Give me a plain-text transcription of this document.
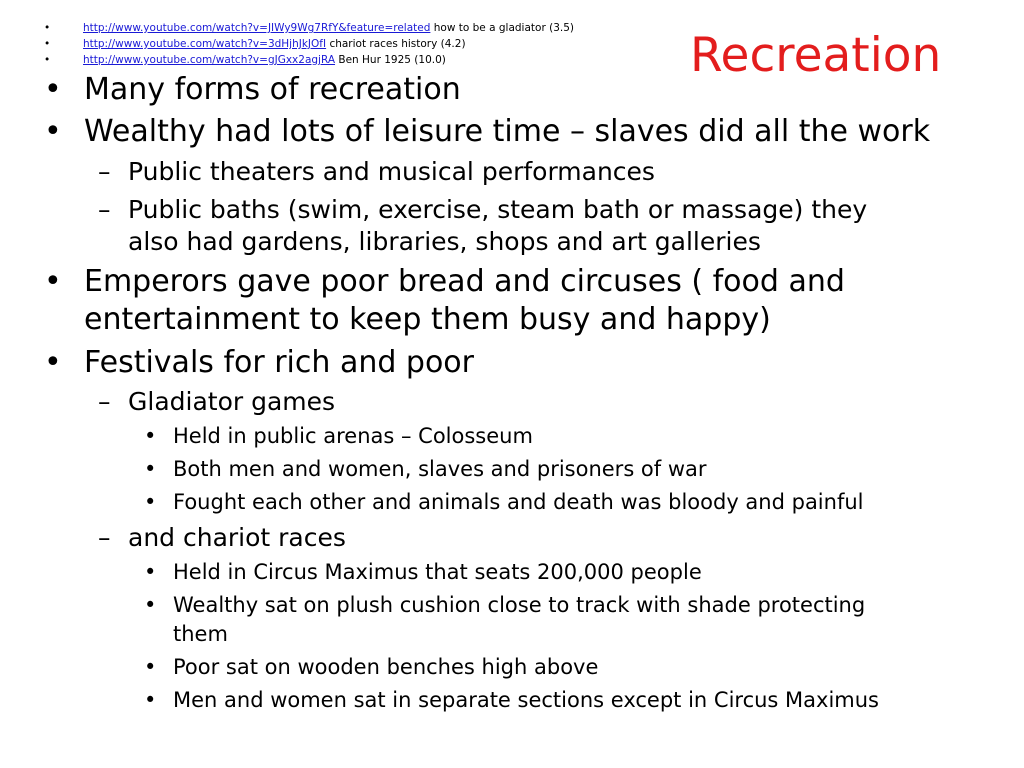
Recreation
•	http://www.youtube.com/watch?v=JIWy9Wg7RfY&feature=related how to be a gladiator (3.5)
•	http://www.youtube.com/watch?v=3dHjhJkJOfI chariot races history (4.2)
•	http://www.youtube.com/watch?v=gJGxx2agjRA Ben Hur 1925 (10.0)
• Many forms of recreation
• Wealthy had lots of leisure time – slaves did all the work
– Public theaters and musical performances
– Public baths (swim, exercise, steam bath or massage) they
also had gardens, libraries, shops and art galleries
• Emperors gave poor bread and circuses ( food and
entertainment to keep them busy and happy)
• Festivals for rich and poor
– Gladiator games
• Held in public arenas – Colosseum
• Both men and women, slaves and prisoners of war
• Fought each other and animals and death was bloody and painful
– and chariot races
• Held in Circus Maximus that seats 200,000 people
• Wealthy sat on plush cushion close to track with shade protecting
them
• Poor sat on wooden benches high above
• Men and women sat in separate sections except in Circus Maximus
